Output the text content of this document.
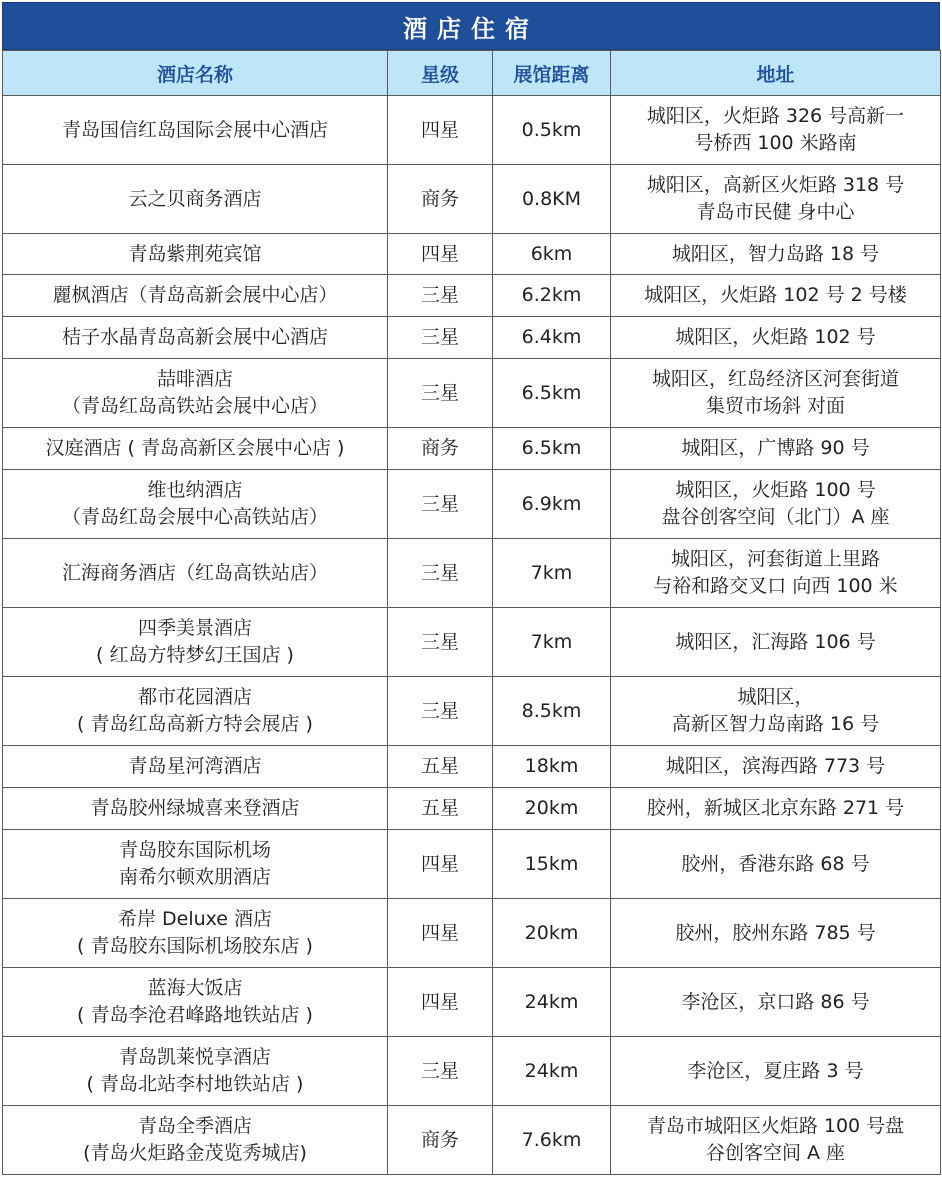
酒店住宿
酒店名称	星级	展馆距离	地址

青岛国信红岛国际会展中心酒店	四星	0.5km	城阳区，火炬路 326 号高新一
号桥西 100 米路南

云之贝商务酒店	商务	0.8KM	城阳区，高新区火炬路 318 号
青岛市民健 身中心

青岛紫荆苑宾馆	四星	6km	城阳区，智力岛路 18 号

麗枫酒店（青岛高新会展中心店）	三星	6.2km	城阳区，火炬路 102 号 2 号楼

桔子水晶青岛高新会展中心酒店	三星	6.4km	城阳区，火炬路 102 号

喆啡酒店
（青岛红岛高铁站会展中心店）	三星	6.5km	城阳区，红岛经济区河套街道
集贸市场斜 对面

汉庭酒店 ( 青岛高新区会展中心店 )	商务	6.5km	城阳区，广博路 90 号

维也纳酒店
（青岛红岛会展中心高铁站店）	三星	6.9km	城阳区，火炬路 100 号
盘谷创客空间（北门）A 座

汇海商务酒店（红岛高铁站店）	三星	7km	城阳区，河套街道上里路
与裕和路交叉口 向西 100 米

四季美景酒店
( 红岛方特梦幻王国店 )	三星	7km	城阳区，汇海路 106 号

都市花园酒店
( 青岛红岛高新方特会展店 )	三星	8.5km	城阳区，
高新区智力岛南路 16 号

青岛星河湾酒店	五星	18km	城阳区，滨海西路 773 号

青岛胶州绿城喜来登酒店	五星	20km	胶州，新城区北京东路 271 号

青岛胶东国际机场
南希尔顿欢朋酒店	四星	15km	胶州，香港东路 68 号

希岸 Deluxe 酒店
( 青岛胶东国际机场胶东店 )	四星	20km	胶州，胶州东路 785 号

蓝海大饭店
( 青岛李沧君峰路地铁站店 )	四星	24km	李沧区，京口路 86 号

青岛凯莱悦享酒店
( 青岛北站李村地铁站店 )	三星	24km	李沧区，夏庄路 3 号

青岛全季酒店
(青岛火炬路金茂览秀城店)	商务	7.6km	青岛市城阳区火炬路 100 号盘
谷创客空间 A 座
